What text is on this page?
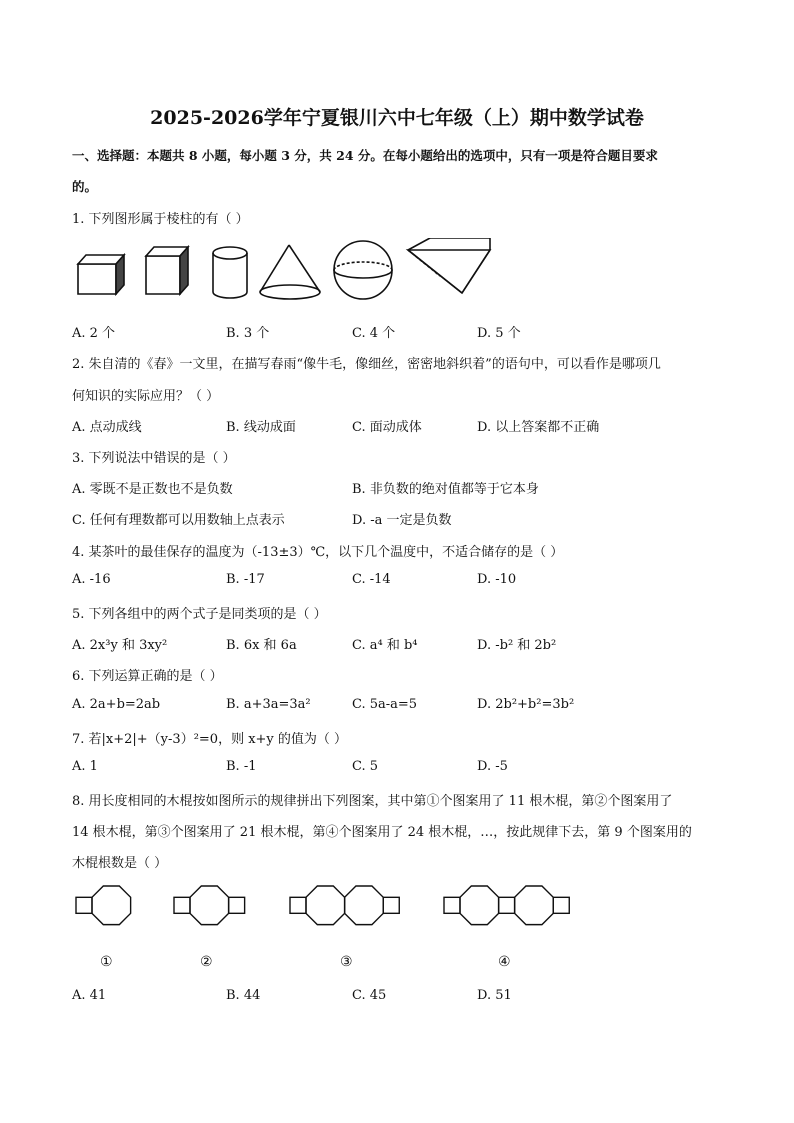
2025-2026学年宁夏银川六中七年级（上）期中数学试卷
一、选择题：本题共 8 小题，每小题 3 分，共 24 分。在每小题给出的选项中，只有一项是符合题目要求
的。
1. 下列图形属于棱柱的有（ ）
A. 2 个	B. 3 个	C. 4 个	D. 5 个
2. 朱自清的《春》一文里，在描写春雨“像牛毛，像细丝，密密地斜织着”的语句中，可以看作是哪项几
何知识的实际应用？（ ）
A. 点动成线	B. 线动成面	C. 面动成体	D. 以上答案都不正确
3. 下列说法中错误的是（ ）
A. 零既不是正数也不是负数	B. 非负数的绝对值都等于它本身
C. 任何有理数都可以用数轴上点表示	D. -a 一定是负数
4. 某茶叶的最佳保存的温度为（-13±3）℃，以下几个温度中，不适合储存的是（ ）
A. -16	B. -17	C. -14	D. -10
5. 下列各组中的两个式子是同类项的是（ ）
A. 2x³y 和 3xy²	B. 6x 和 6a	C. a⁴ 和 b⁴	D. -b² 和 2b²
6. 下列运算正确的是（ ）
A. 2a+b=2ab	B. a+3a=3a²	C. 5a-a=5	D. 2b²+b²=3b²
7. 若|x+2|+（y-3）²=0，则 x+y 的值为（ ）
A. 1	B. -1	C. 5	D. -5
8. 用长度相同的木棍按如图所示的规律拼出下列图案，其中第①个图案用了 11 根木棍，第②个图案用了
14 根木棍，第③个图案用了 21 根木棍，第④个图案用了 24 根木棍，…，按此规律下去，第 9 个图案用的
木棍根数是（ ）
①	②	③	④
A. 41	B. 44	C. 45	D. 51
